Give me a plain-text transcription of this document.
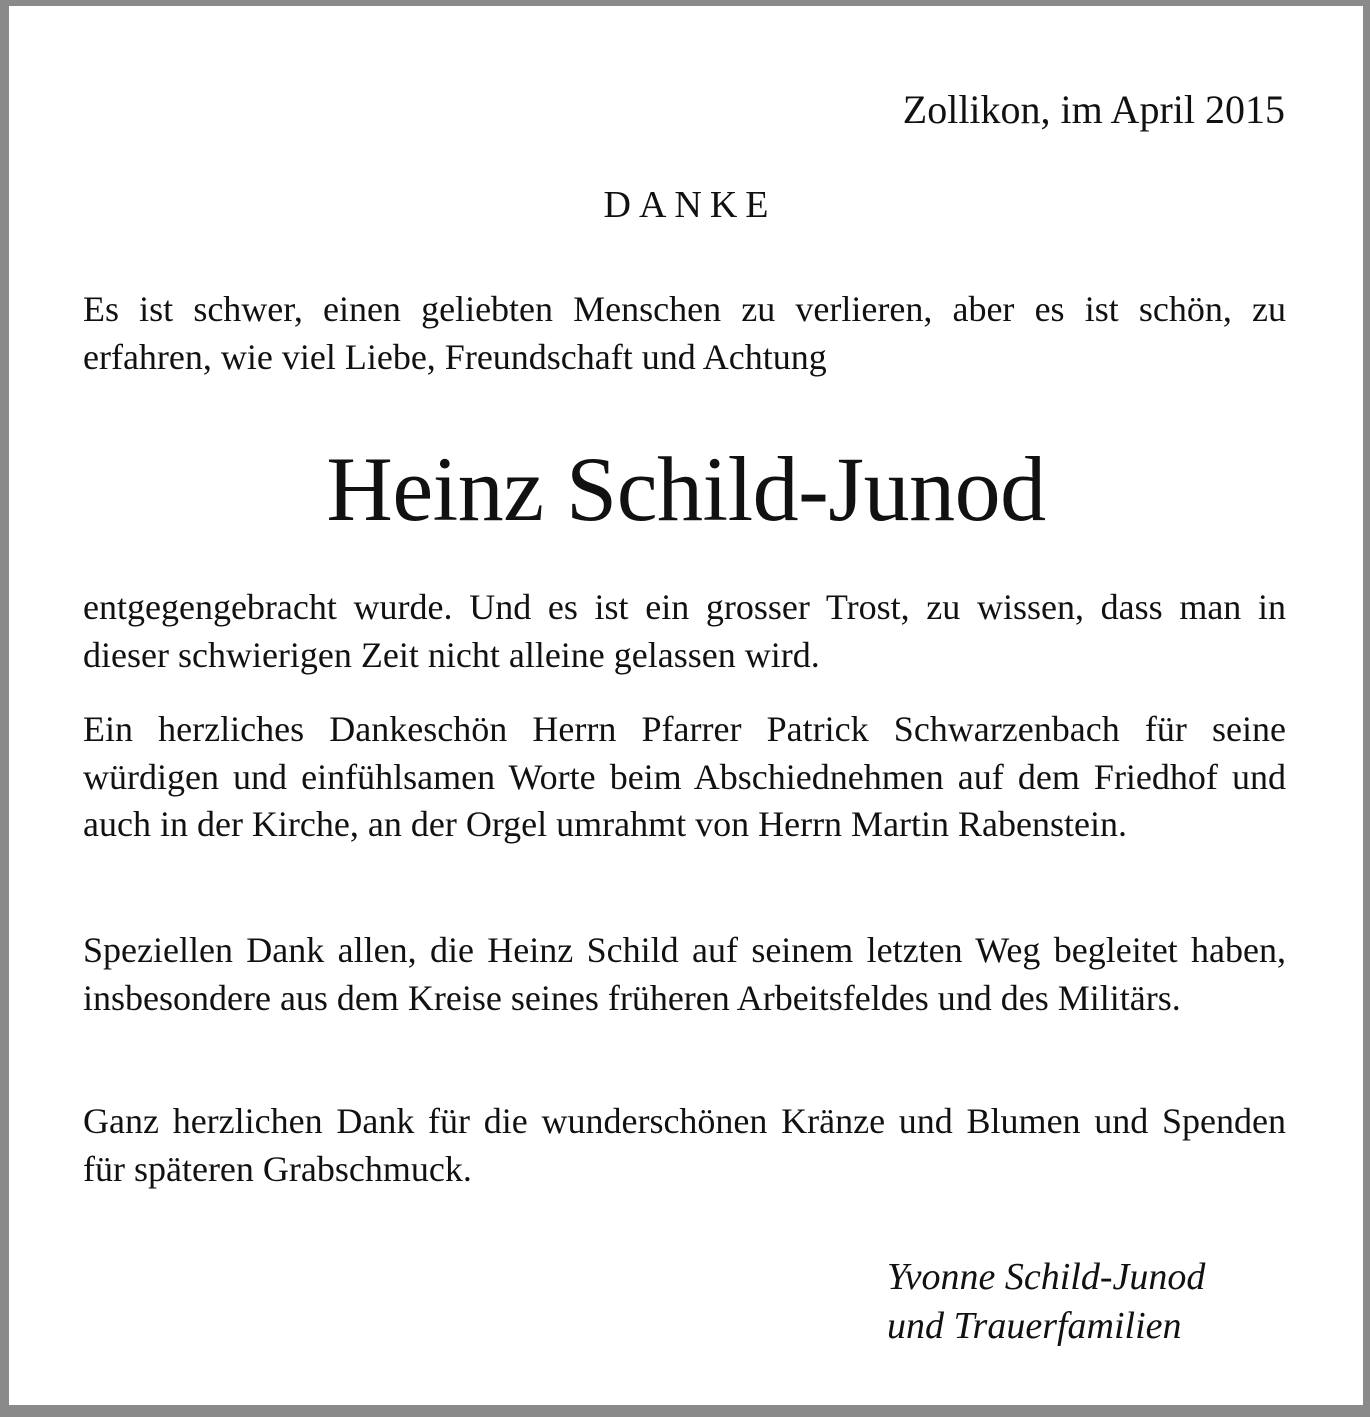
Zollikon, im April 2015
DANKE

Es ist schwer, einen geliebten Menschen zu verlieren, aber es ist schön, zu erfahren, wie viel Liebe, Freundschaft und Achtung

Heinz Schild-Junod

entgegengebracht wurde. Und es ist ein grosser Trost, zu wissen, dass man in dieser schwierigen Zeit nicht alleine gelassen wird.

Ein herzliches Dankeschön Herrn Pfarrer Patrick Schwarzenbach für seine würdigen und einfühlsamen Worte beim Abschiednehmen auf dem Friedhof und auch in der Kirche, an der Orgel umrahmt von Herrn Martin Rabenstein.

Speziellen Dank allen, die Heinz Schild auf seinem letzten Weg begleitet haben, insbesondere aus dem Kreise seines früheren Arbeitsfeldes und des Militärs.

Ganz herzlichen Dank für die wunderschönen Kränze und Blumen und Spenden für späteren Grabschmuck.

Yvonne Schild-Junod
und Trauerfamilien
